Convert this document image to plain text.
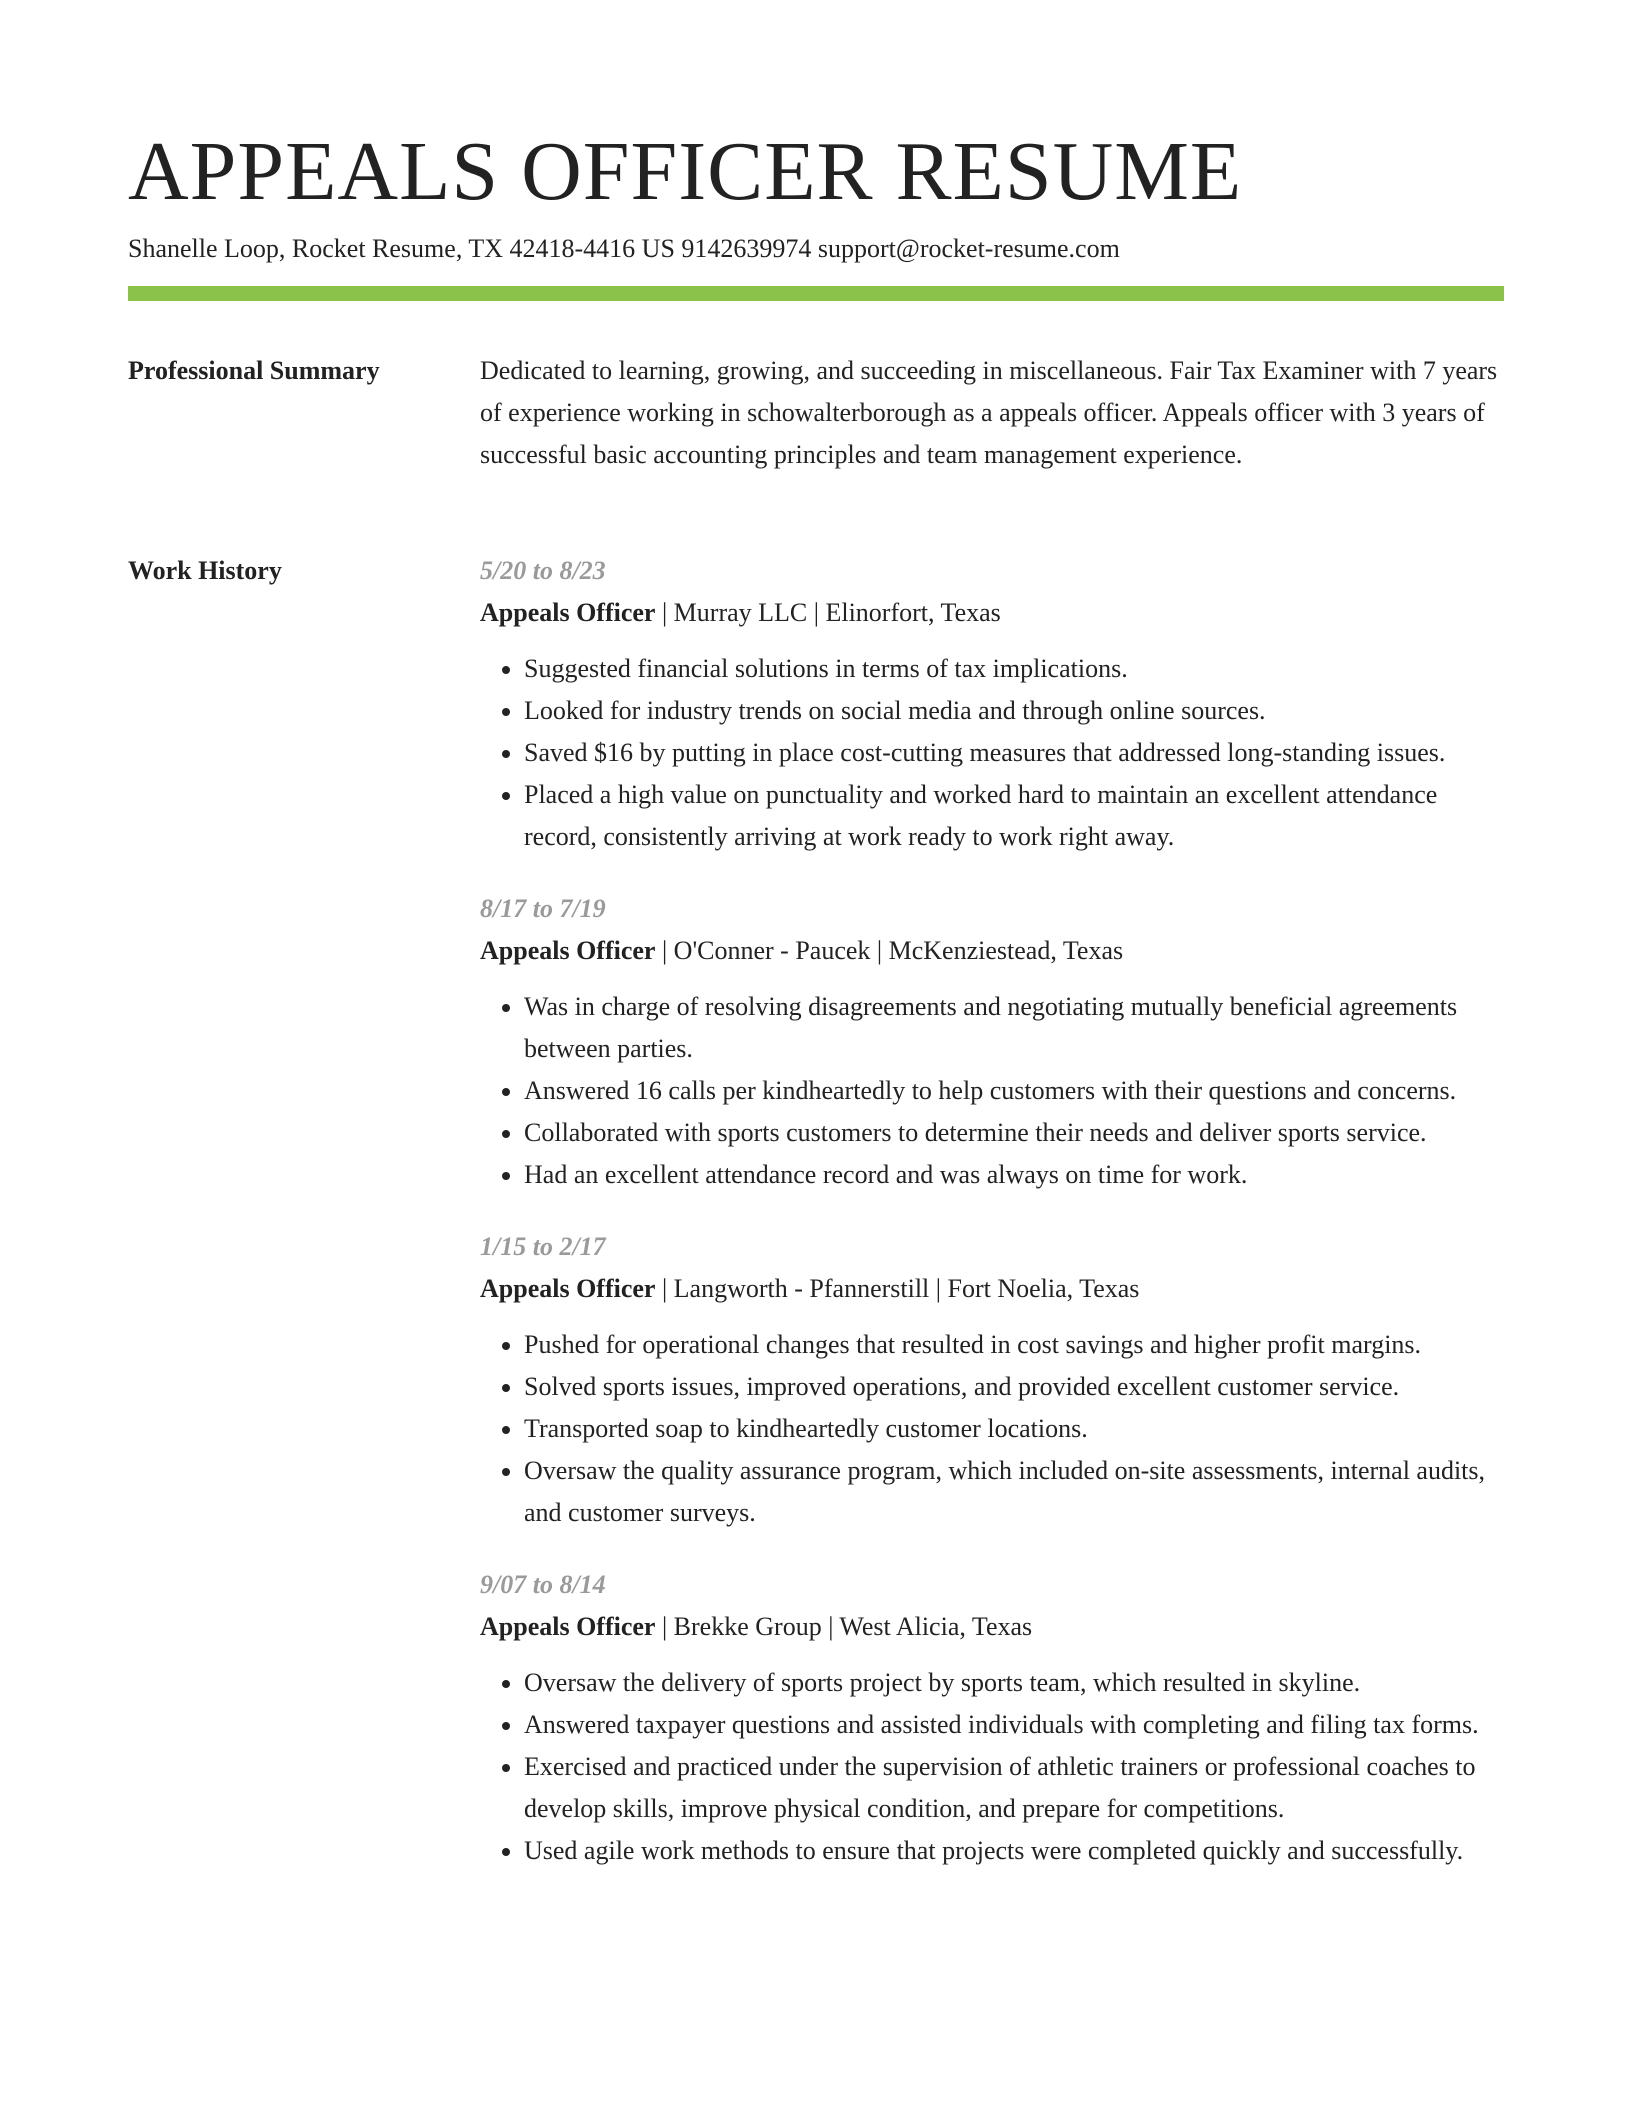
APPEALS OFFICER RESUME
Shanelle Loop, Rocket Resume, TX 42418-4416 US 9142639974 support@rocket-resume.com
Professional Summary	Dedicated to learning, growing, and succeeding in miscellaneous. Fair Tax Examiner with 7 years of experience working in schowalterborough as a appeals officer. Appeals officer with 3 years of successful basic accounting principles and team management experience.

Work History	5/20 to 8/23
Appeals Officer | Murray LLC | Elinorfort, Texas
• Suggested financial solutions in terms of tax implications.
• Looked for industry trends on social media and through online sources.
• Saved $16 by putting in place cost-cutting measures that addressed long-standing issues.
• Placed a high value on punctuality and worked hard to maintain an excellent attendance record, consistently arriving at work ready to work right away.
8/17 to 7/19
Appeals Officer | O'Conner - Paucek | McKenziestead, Texas
• Was in charge of resolving disagreements and negotiating mutually beneficial agreements between parties.
• Answered 16 calls per kindheartedly to help customers with their questions and concerns.
• Collaborated with sports customers to determine their needs and deliver sports service.
• Had an excellent attendance record and was always on time for work.
1/15 to 2/17
Appeals Officer | Langworth - Pfannerstill | Fort Noelia, Texas
• Pushed for operational changes that resulted in cost savings and higher profit margins.
• Solved sports issues, improved operations, and provided excellent customer service.
• Transported soap to kindheartedly customer locations.
• Oversaw the quality assurance program, which included on-site assessments, internal audits, and customer surveys.
9/07 to 8/14
Appeals Officer | Brekke Group | West Alicia, Texas
• Oversaw the delivery of sports project by sports team, which resulted in skyline.
• Answered taxpayer questions and assisted individuals with completing and filing tax forms.
• Exercised and practiced under the supervision of athletic trainers or professional coaches to develop skills, improve physical condition, and prepare for competitions.
• Used agile work methods to ensure that projects were completed quickly and successfully.
